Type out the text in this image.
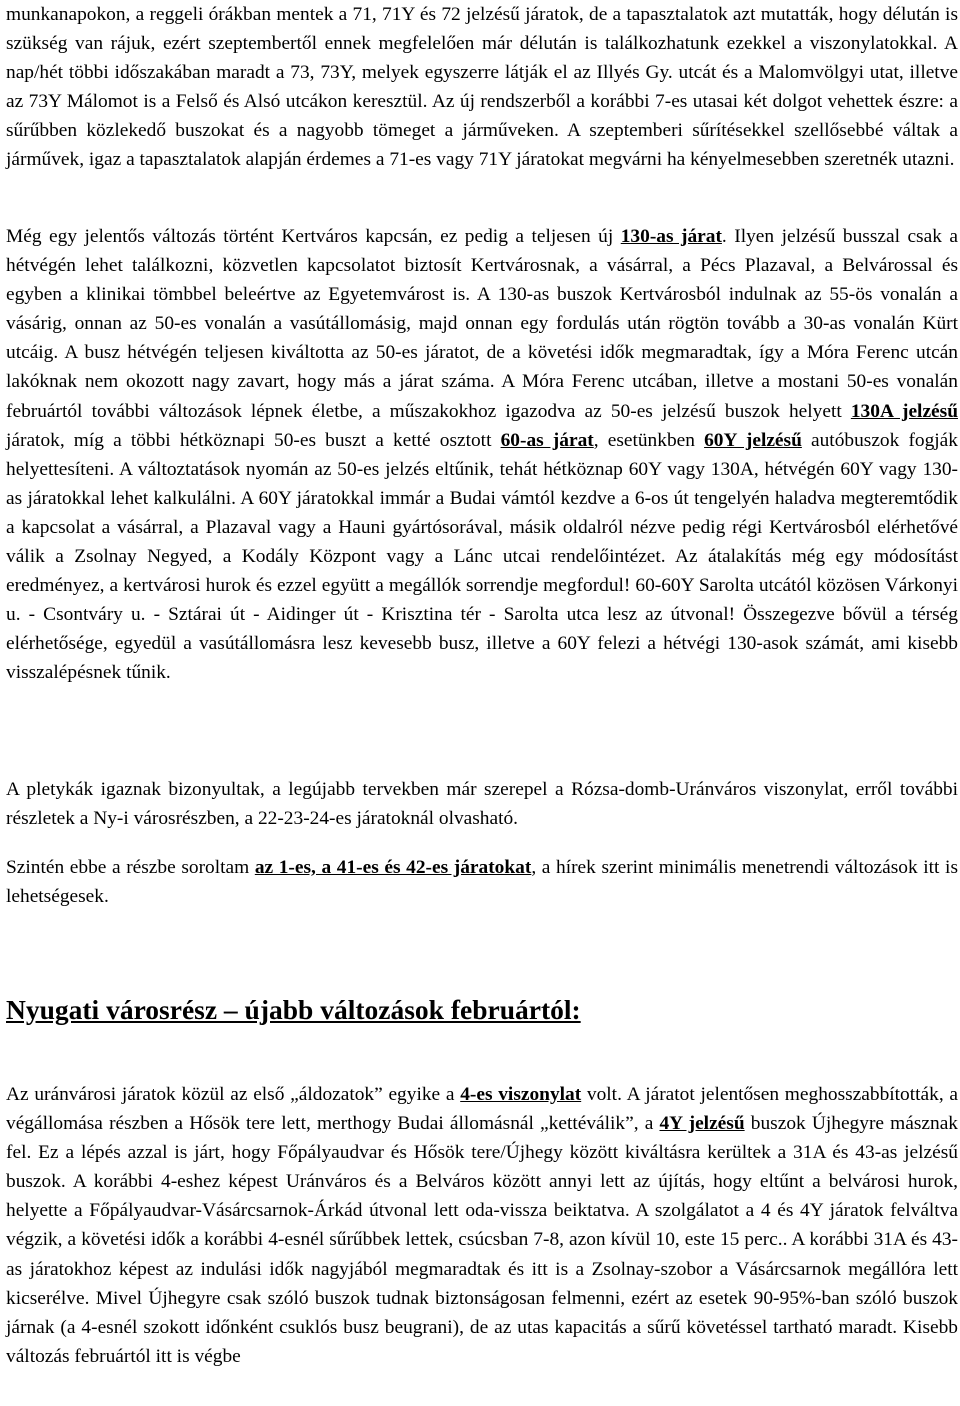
munkanapokon, a reggeli órákban mentek a 71, 71Y és 72 jelzésű járatok, de a tapasztalatok azt mutatták, hogy délután is szükség van rájuk, ezért szeptembertől ennek megfelelően már délután is találkozhatunk ezekkel a viszonylatokkal. A nap/hét többi időszakában maradt a 73, 73Y, melyek egyszerre látják el az Illyés Gy. utcát és a Malomvölgyi utat, illetve az 73Y Málomot is a Felső és Alsó utcákon keresztül. Az új rendszerből a korábbi 7-es utasai két dolgot vehettek észre: a sűrűbben közlekedő buszokat és a nagyobb tömeget a járműveken. A szeptemberi sűrítésekkel szellősebbé váltak a járművek, igaz a tapasztalatok alapján érdemes a 71-es vagy 71Y járatokat megvárni ha kényelmesebben szeretnék utazni.

Még egy jelentős változás történt Kertváros kapcsán, ez pedig a teljesen új 130-as járat. Ilyen jelzésű busszal csak a hétvégén lehet találkozni, közvetlen kapcsolatot biztosít Kertvárosnak, a vásárral, a Pécs Plazaval, a Belvárossal és egyben a klinikai tömbbel beleértve az Egyetemvárost is. A 130-as buszok Kertvárosból indulnak az 55-ös vonalán a vásárig, onnan az 50-es vonalán a vasútállomásig, majd onnan egy fordulás után rögtön tovább a 30-as vonalán Kürt utcáig. A busz hétvégén teljesen kiváltotta az 50-es járatot, de a követési idők megmaradtak, így a Móra Ferenc utcán lakóknak nem okozott nagy zavart, hogy más a járat száma. A Móra Ferenc utcában, illetve a mostani 50-es vonalán februártól további változások lépnek életbe, a műszakokhoz igazodva az 50-es jelzésű buszok helyett 130A jelzésű járatok, míg a többi hétköznapi 50-es buszt a ketté osztott 60-as járat, esetünkben 60Y jelzésű autóbuszok fogják helyettesíteni. A változtatások nyomán az 50-es jelzés eltűnik, tehát hétköznap 60Y vagy 130A, hétvégén 60Y vagy 130-as járatokkal lehet kalkulálni. A 60Y járatokkal immár a Budai vámtól kezdve a 6-os út tengelyén haladva megteremtődik a kapcsolat a vásárral, a Plazaval vagy a Hauni gyártósorával, másik oldalról nézve pedig régi Kertvárosból elérhetővé válik a Zsolnay Negyed, a Kodály Központ vagy a Lánc utcai rendelőintézet. Az átalakítás még egy módosítást eredményez, a kertvárosi hurok és ezzel együtt a megállók sorrendje megfordul! 60-60Y Sarolta utcától közösen Várkonyi u. - Csontváry u. - Sztárai út - Aidinger út - Krisztina tér - Sarolta utca lesz az útvonal! Összegezve bővül a térség elérhetősége, egyedül a vasútállomásra lesz kevesebb busz, illetve a 60Y felezi a hétvégi 130-asok számát, ami kisebb visszalépésnek tűnik.

A pletykák igaznak bizonyultak, a legújabb tervekben már szerepel a Rózsa-domb-Uránváros viszonylat, erről további részletek a Ny-i városrészben, a 22-23-24-es járatoknál olvasható.

Szintén ebbe a részbe soroltam az 1-es, a 41-es és 42-es járatokat, a hírek szerint minimális menetrendi változások itt is lehetségesek.

Nyugati városrész – újabb változások februártól:

Az uránvárosi járatok közül az első „áldozatok” egyike a 4-es viszonylat volt. A járatot jelentősen meghosszabbították, a végállomása részben a Hősök tere lett, merthogy Budai állomásnál „kettéválik”, a 4Y jelzésű buszok Újhegyre másznak fel. Ez a lépés azzal is járt, hogy Főpályaudvar és Hősök tere/Újhegy között kiváltásra kerültek a 31A és 43-as jelzésű buszok. A korábbi 4-eshez képest Uránváros és a Belváros között annyi lett az újítás, hogy eltűnt a belvárosi hurok, helyette a Főpályaudvar-Vásárcsarnok-Árkád útvonal lett oda-vissza beiktatva. A szolgálatot a 4 és 4Y járatok felváltva végzik, a követési idők a korábbi 4-esnél sűrűbbek lettek, csúcsban 7-8, azon kívül 10, este 15 perc.. A korábbi 31A és 43-as járatokhoz képest az indulási idők nagyjából megmaradtak és itt is a Zsolnay-szobor a Vásárcsarnok megállóra lett kicserélve. Mivel Újhegyre csak szóló buszok tudnak biztonságosan felmenni, ezért az esetek 90-95%-ban szóló buszok járnak (a 4-esnél szokott időnként csuklós busz beugrani), de az utas kapacitás a sűrű követéssel tartható maradt. Kisebb változás februártól itt is végbe
